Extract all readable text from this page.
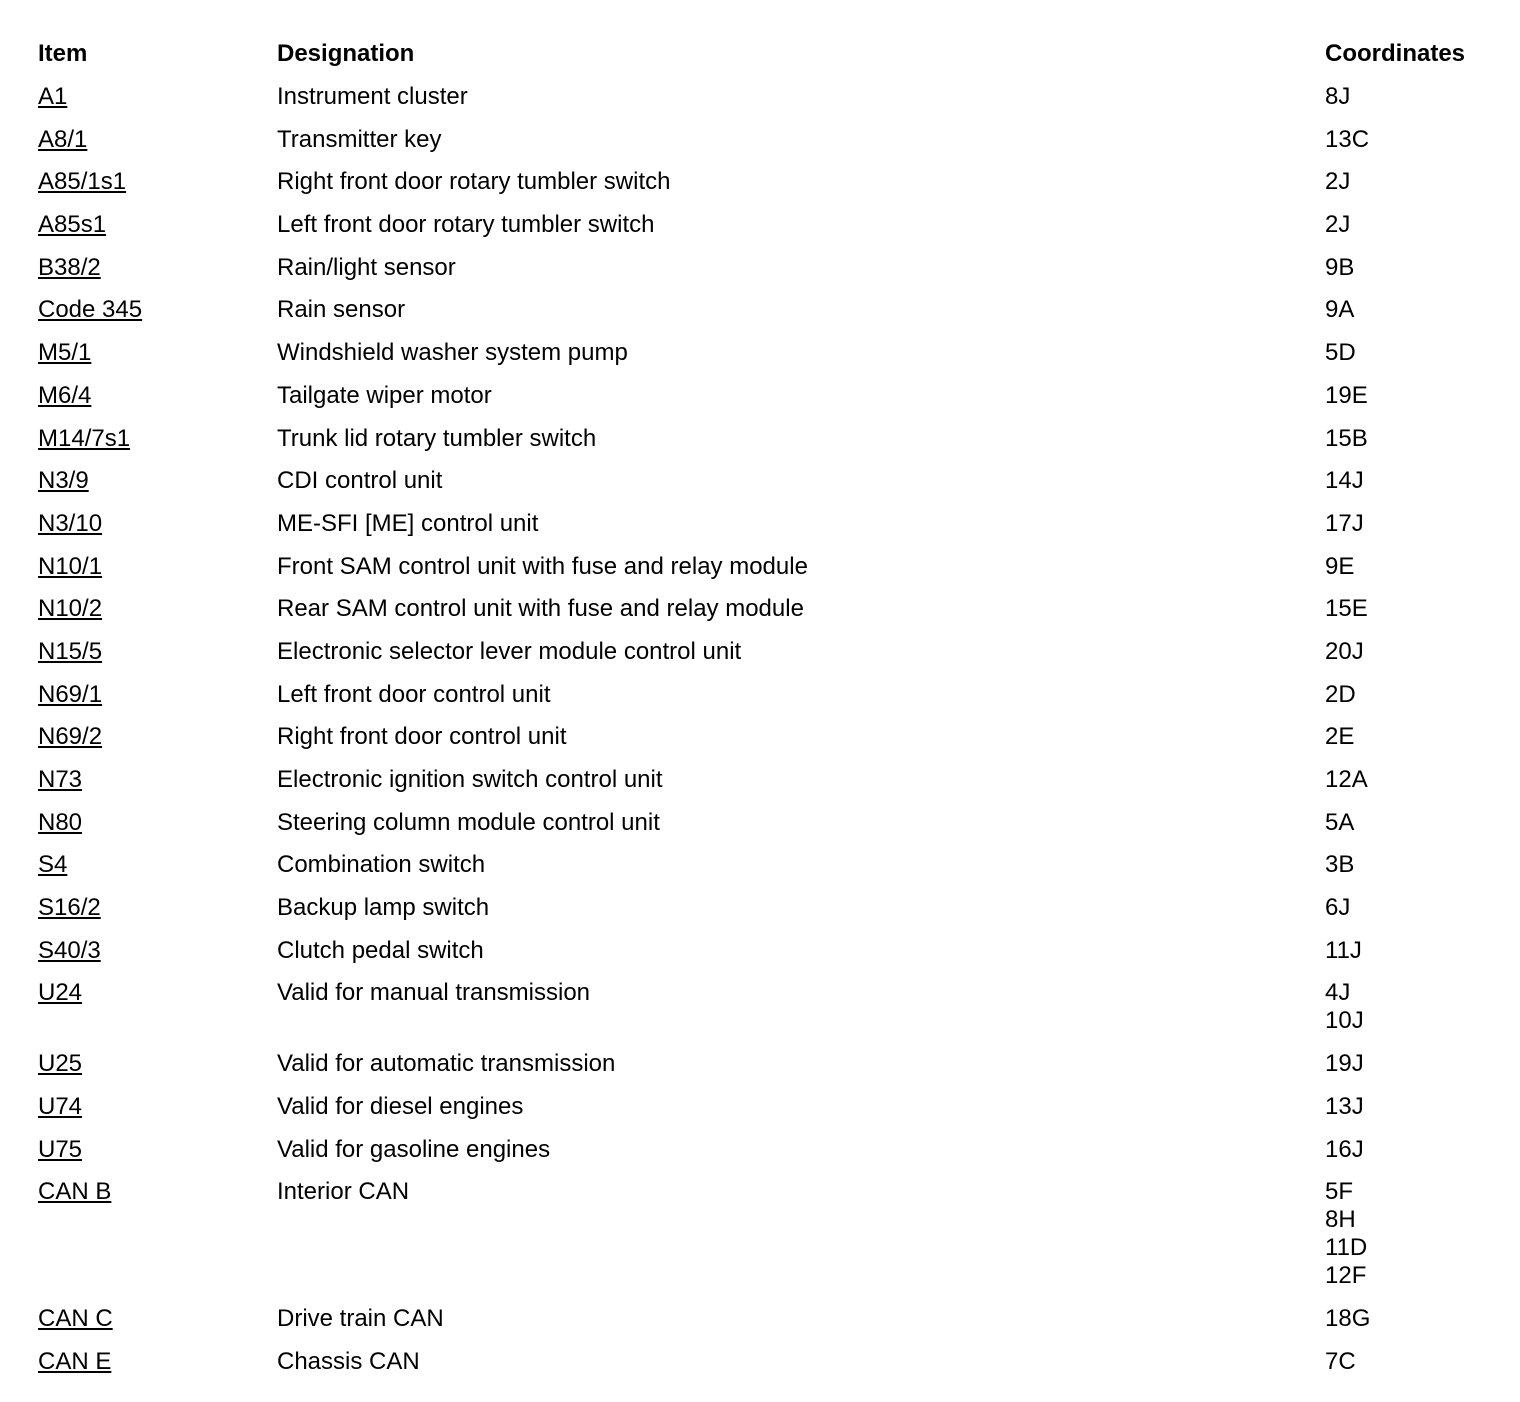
Item	Designation	Coordinates
A1	Instrument cluster	8J
A8/1	Transmitter key	13C
A85/1s1	Right front door rotary tumbler switch	2J
A85s1	Left front door rotary tumbler switch	2J
B38/2	Rain/light sensor	9B
Code 345	Rain sensor	9A
M5/1	Windshield washer system pump	5D
M6/4	Tailgate wiper motor	19E
M14/7s1	Trunk lid rotary tumbler switch	15B
N3/9	CDI control unit	14J
N3/10	ME-SFI [ME] control unit	17J
N10/1	Front SAM control unit with fuse and relay module	9E
N10/2	Rear SAM control unit with fuse and relay module	15E
N15/5	Electronic selector lever module control unit	20J
N69/1	Left front door control unit	2D
N69/2	Right front door control unit	2E
N73	Electronic ignition switch control unit	12A
N80	Steering column module control unit	5A
S4	Combination switch	3B
S16/2	Backup lamp switch	6J
S40/3	Clutch pedal switch	11J
U24	Valid for manual transmission	4J
10J
U25	Valid for automatic transmission	19J
U74	Valid for diesel engines	13J
U75	Valid for gasoline engines	16J
CAN B	Interior CAN	5F
8H
11D
12F
CAN C	Drive train CAN	18G
CAN E	Chassis CAN	7C
